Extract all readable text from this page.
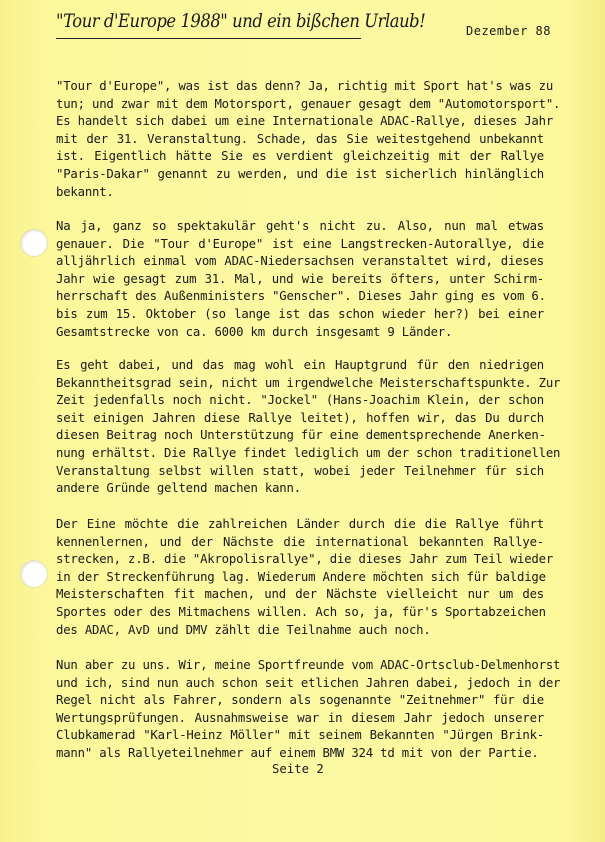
"Tour d'Europe 1988" und ein bißchen Urlaub!	Dezember 88
"Tour d'Europe", was ist das denn? Ja, richtig mit Sport hat's was zu
tun; und zwar mit dem Motorsport, genauer gesagt dem "Automotorsport".
Es handelt sich dabei um eine Internationale ADAC-Rallye, dieses Jahr
mit der 31. Veranstaltung. Schade, das Sie weitestgehend unbekannt
ist. Eigentlich hätte Sie es verdient gleichzeitig mit der Rallye
"Paris-Dakar" genannt zu werden, und die ist sicherlich hinlänglich
bekannt.
Na ja, ganz so spektakulär geht's nicht zu. Also, nun mal etwas
genauer. Die "Tour d'Europe" ist eine Langstrecken-Autorallye, die
alljährlich einmal vom ADAC-Niedersachsen veranstaltet wird, dieses
Jahr wie gesagt zum 31. Mal, und wie bereits öfters, unter Schirm-
herrschaft des Außenministers "Genscher". Dieses Jahr ging es vom 6.
bis zum 15. Oktober (so lange ist das schon wieder her?) bei einer
Gesamtstrecke von ca. 6000 km durch insgesamt 9 Länder.
Es geht dabei, und das mag wohl ein Hauptgrund für den niedrigen
Bekanntheitsgrad sein, nicht um irgendwelche Meisterschaftspunkte. Zur
Zeit jedenfalls noch nicht. "Jockel" (Hans-Joachim Klein, der schon
seit einigen Jahren diese Rallye leitet), hoffen wir, das Du durch
diesen Beitrag noch Unterstützung für eine dementsprechende Anerken-
nung erhältst. Die Rallye findet lediglich um der schon traditionellen
Veranstaltung selbst willen statt, wobei jeder Teilnehmer für sich
andere Gründe geltend machen kann.
Der Eine möchte die zahlreichen Länder durch die die Rallye führt
kennenlernen, und der Nächste die international bekannten Rallye-
strecken, z.B. die "Akropolisrallye", die dieses Jahr zum Teil wieder
in der Streckenführung lag. Wiederum Andere möchten sich für baldige
Meisterschaften fit machen, und der Nächste vielleicht nur um des
Sportes oder des Mitmachens willen. Ach so, ja, für's Sportabzeichen
des ADAC, AvD und DMV zählt die Teilnahme auch noch.
Nun aber zu uns. Wir, meine Sportfreunde vom ADAC-Ortsclub-Delmenhorst
und ich, sind nun auch schon seit etlichen Jahren dabei, jedoch in der
Regel nicht als Fahrer, sondern als sogenannte "Zeitnehmer" für die
Wertungsprüfungen. Ausnahmsweise war in diesem Jahr jedoch unserer
Clubkamerad "Karl-Heinz Möller" mit seinem Bekannten "Jürgen Brink-
mann" als Rallyeteilnehmer auf einem BMW 324 td mit von der Partie.
Seite 2
